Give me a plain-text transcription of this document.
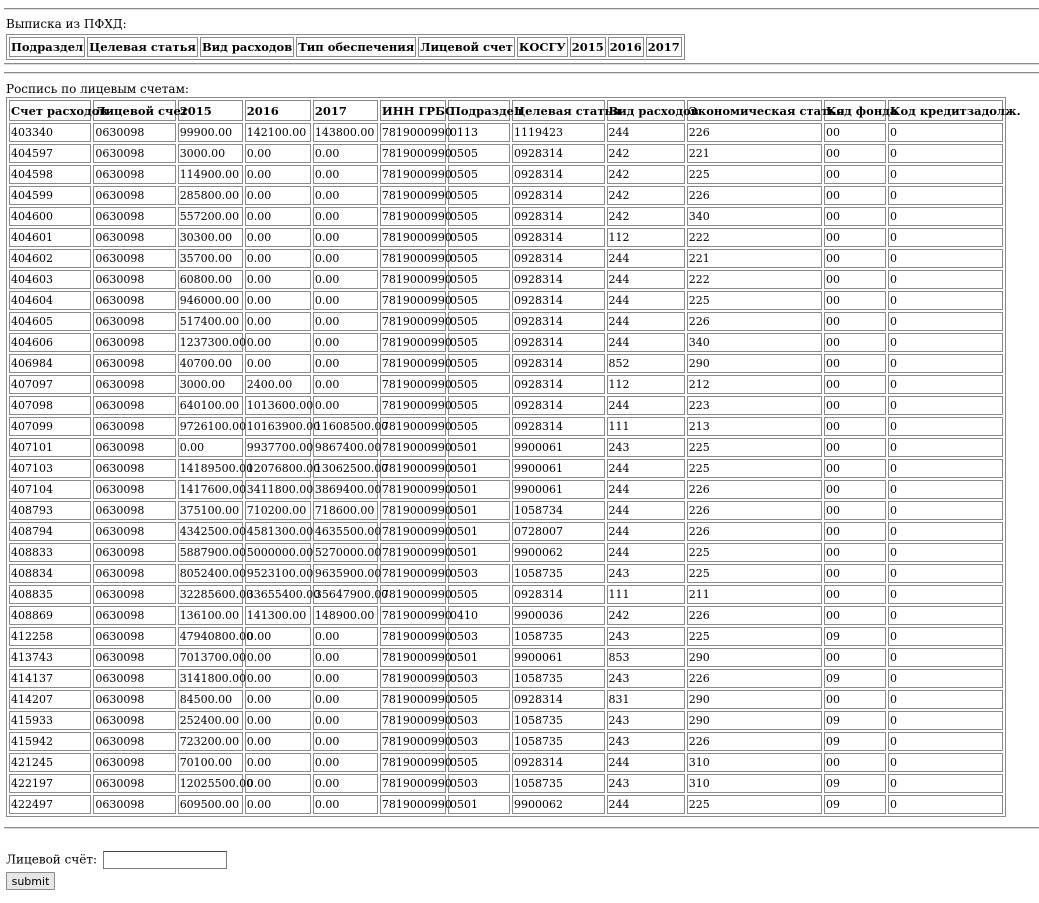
Выписка из ПФХД:
Подраздел	Целевая статья	Вид расходов	Тип обеспечения	Лицевой счет	КОСГУ	2015	2016	2017
Роспись по лицевым счетам:
Счет расходов	Лицевой счет	2015	2016	2017	ИНН ГРБС	Подраздел	Целевая статья	Вид расходов	Экономическая статья	Код фонда	Код кредитзадолж.
403340	0630098	99900.00	142100.00	143800.00	7819000990	0113	1119423	244	226	00	0
404597	0630098	3000.00	0.00	0.00	7819000990	0505	0928314	242	221	00	0
404598	0630098	114900.00	0.00	0.00	7819000990	0505	0928314	242	225	00	0
404599	0630098	285800.00	0.00	0.00	7819000990	0505	0928314	242	226	00	0
404600	0630098	557200.00	0.00	0.00	7819000990	0505	0928314	242	340	00	0
404601	0630098	30300.00	0.00	0.00	7819000990	0505	0928314	112	222	00	0
404602	0630098	35700.00	0.00	0.00	7819000990	0505	0928314	244	221	00	0
404603	0630098	60800.00	0.00	0.00	7819000990	0505	0928314	244	222	00	0
404604	0630098	946000.00	0.00	0.00	7819000990	0505	0928314	244	225	00	0
404605	0630098	517400.00	0.00	0.00	7819000990	0505	0928314	244	226	00	0
404606	0630098	1237300.00	0.00	0.00	7819000990	0505	0928314	244	340	00	0
406984	0630098	40700.00	0.00	0.00	7819000990	0505	0928314	852	290	00	0
407097	0630098	3000.00	2400.00	0.00	7819000990	0505	0928314	112	212	00	0
407098	0630098	640100.00	1013600.00	0.00	7819000990	0505	0928314	244	223	00	0
407099	0630098	9726100.00	10163900.00	11608500.00	7819000990	0505	0928314	111	213	00	0
407101	0630098	0.00	9937700.00	9867400.00	7819000990	0501	9900061	243	225	00	0
407103	0630098	14189500.00	12076800.00	13062500.00	7819000990	0501	9900061	244	225	00	0
407104	0630098	1417600.00	3411800.00	3869400.00	7819000990	0501	9900061	244	226	00	0
408793	0630098	375100.00	710200.00	718600.00	7819000990	0501	1058734	244	226	00	0
408794	0630098	4342500.00	4581300.00	4635500.00	7819000990	0501	0728007	244	226	00	0
408833	0630098	5887900.00	5000000.00	5270000.00	7819000990	0501	9900062	244	225	00	0
408834	0630098	8052400.00	9523100.00	9635900.00	7819000990	0503	1058735	243	225	00	0
408835	0630098	32285600.00	33655400.00	35647900.00	7819000990	0505	0928314	111	211	00	0
408869	0630098	136100.00	141300.00	148900.00	7819000990	0410	9900036	242	226	00	0
412258	0630098	47940800.00	0.00	0.00	7819000990	0503	1058735	243	225	09	0
413743	0630098	7013700.00	0.00	0.00	7819000990	0501	9900061	853	290	00	0
414137	0630098	3141800.00	0.00	0.00	7819000990	0503	1058735	243	226	09	0
414207	0630098	84500.00	0.00	0.00	7819000990	0505	0928314	831	290	00	0
415933	0630098	252400.00	0.00	0.00	7819000990	0503	1058735	243	290	09	0
415942	0630098	723200.00	0.00	0.00	7819000990	0503	1058735	243	226	09	0
421245	0630098	70100.00	0.00	0.00	7819000990	0505	0928314	244	310	00	0
422197	0630098	12025500.00	0.00	0.00	7819000990	0503	1058735	243	310	09	0
422497	0630098	609500.00	0.00	0.00	7819000990	0501	9900062	244	225	09	0
Лицевой счёт:
submit
